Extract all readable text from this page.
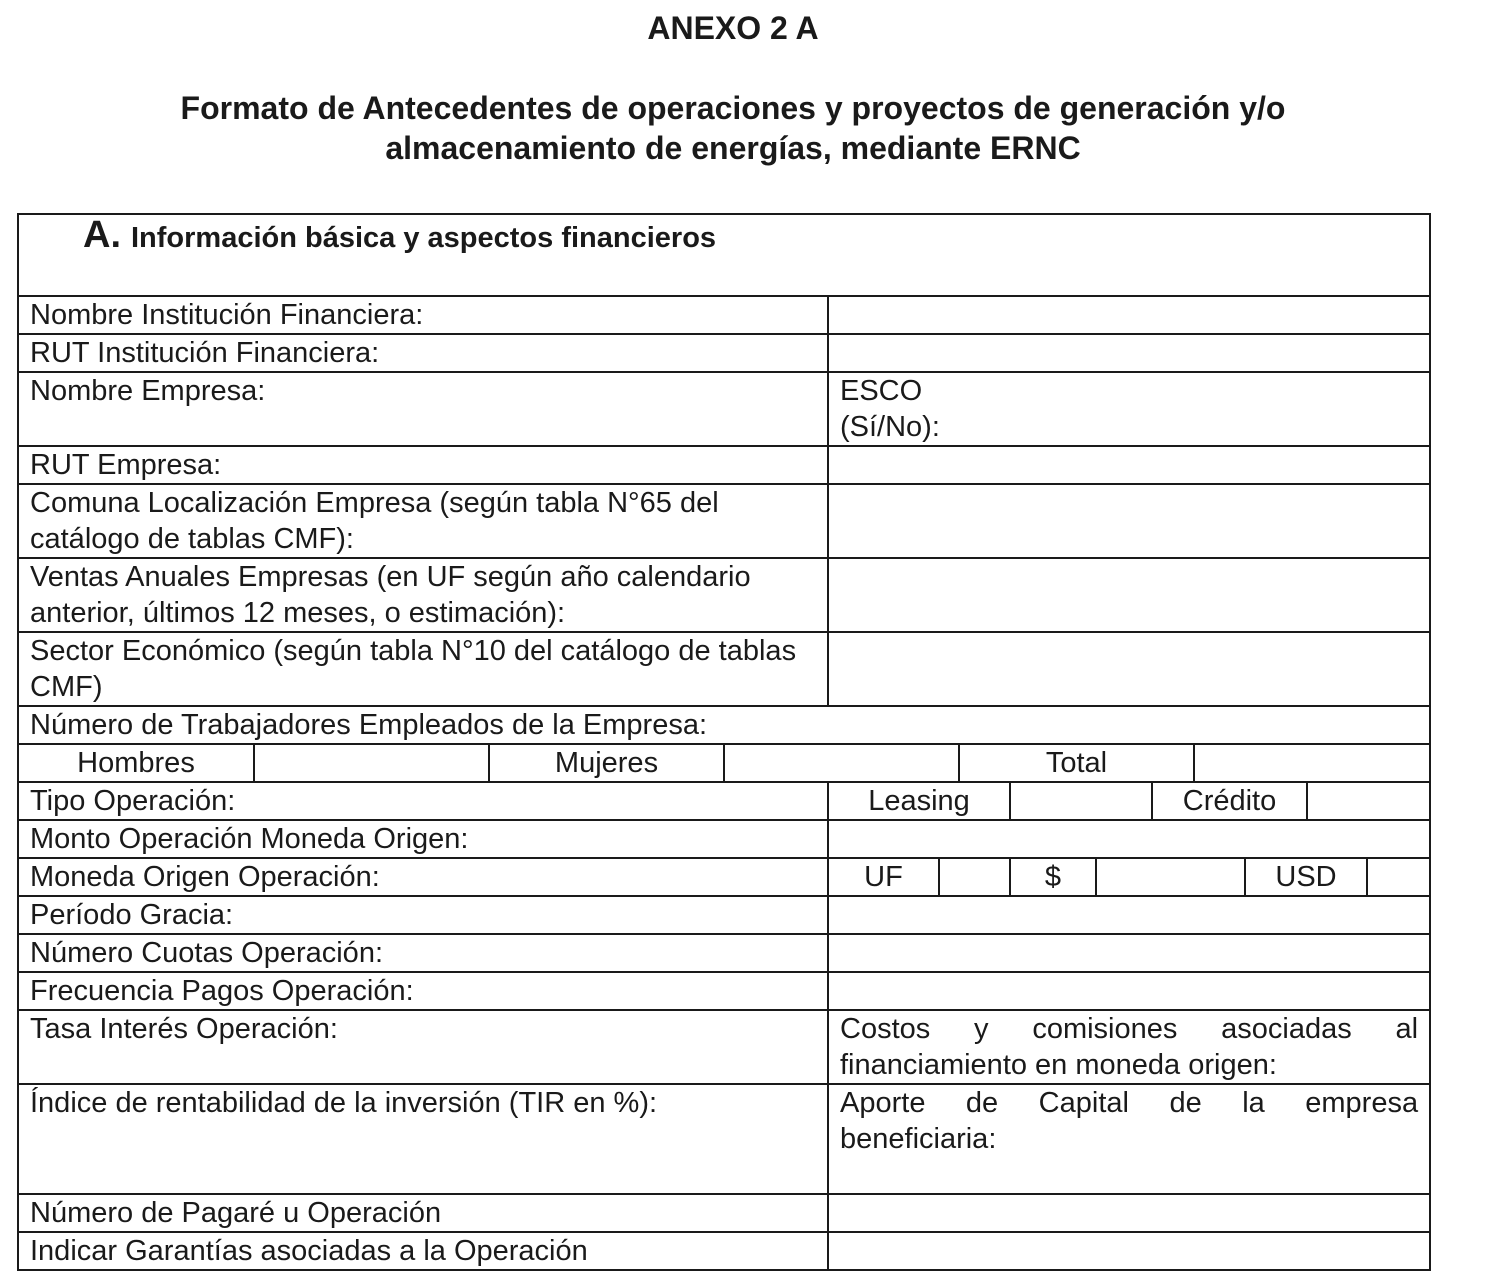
ANEXO 2 A
Formato de Antecedentes de operaciones y proyectos de generación y/o
almacenamiento de energías, mediante ERNC
A. Información básica y aspectos financieros
Nombre Institución Financiera:	
RUT Institución Financiera:	
Nombre Empresa:	ESCO
(Sí/No):

RUT Empresa:	
Comuna Localización Empresa (según tabla N°65 del catálogo de tablas CMF):	
Ventas Anuales Empresas (en UF según año calendario anterior, últimos 12 meses, o estimación):	
Sector Económico (según tabla N°10 del catálogo de tablas CMF)	
Número de Trabajadores Empleados de la Empresa:
Hombres		Mujeres		Total	
Tipo Operación:		Leasing		Crédito	

Monto Operación Moneda Origen:	
Moneda Origen Operación:		UF		$		USD	

Período Gracia:	
Número Cuotas Operación:	
Frecuencia Pagos Operación:	
Tasa Interés Operación:	Costos y comisiones asociadas al financiamiento en moneda origen:
Índice de rentabilidad de la inversión (TIR en %):	Aporte de Capital de la empresa beneficiaria:
Número de Pagaré u Operación	
Indicar Garantías asociadas a la Operación	
